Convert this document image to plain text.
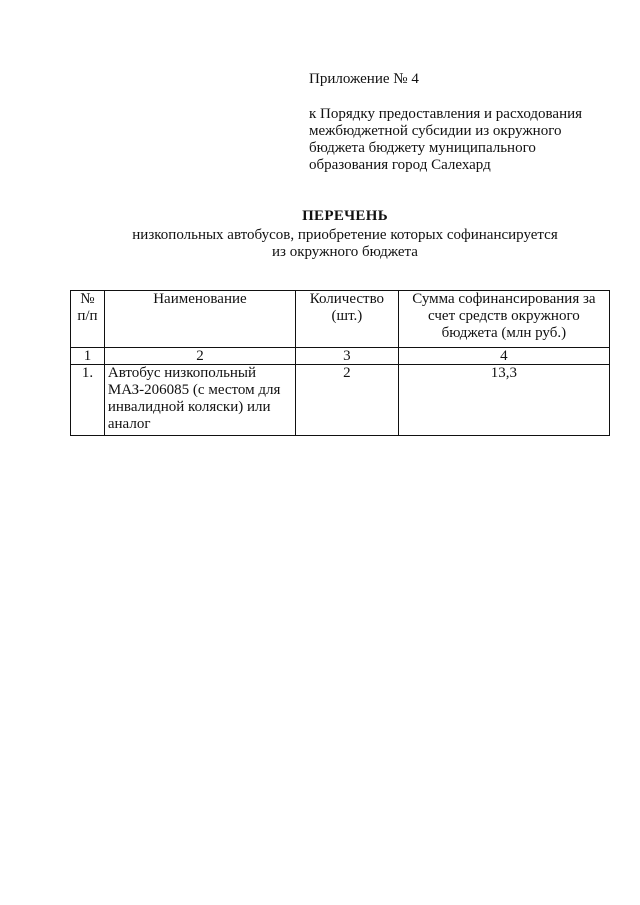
Приложение № 4
к Порядку предоставления и расходования
межбюджетной субсидии из окружного
бюджета бюджету муниципального
образования город Салехард
ПЕРЕЧЕНЬ
низкопольных автобусов, приобретение которых софинансируется
из окружного бюджета
№ п/п	Наименование	Количество (шт.)	Сумма софинансирования за счет средств окружного бюджета (млн руб.)
1	2	3	4
1.	Автобус низкопольный МАЗ-206085 (с местом для инвалидной коляски) или аналог	2	13,3
